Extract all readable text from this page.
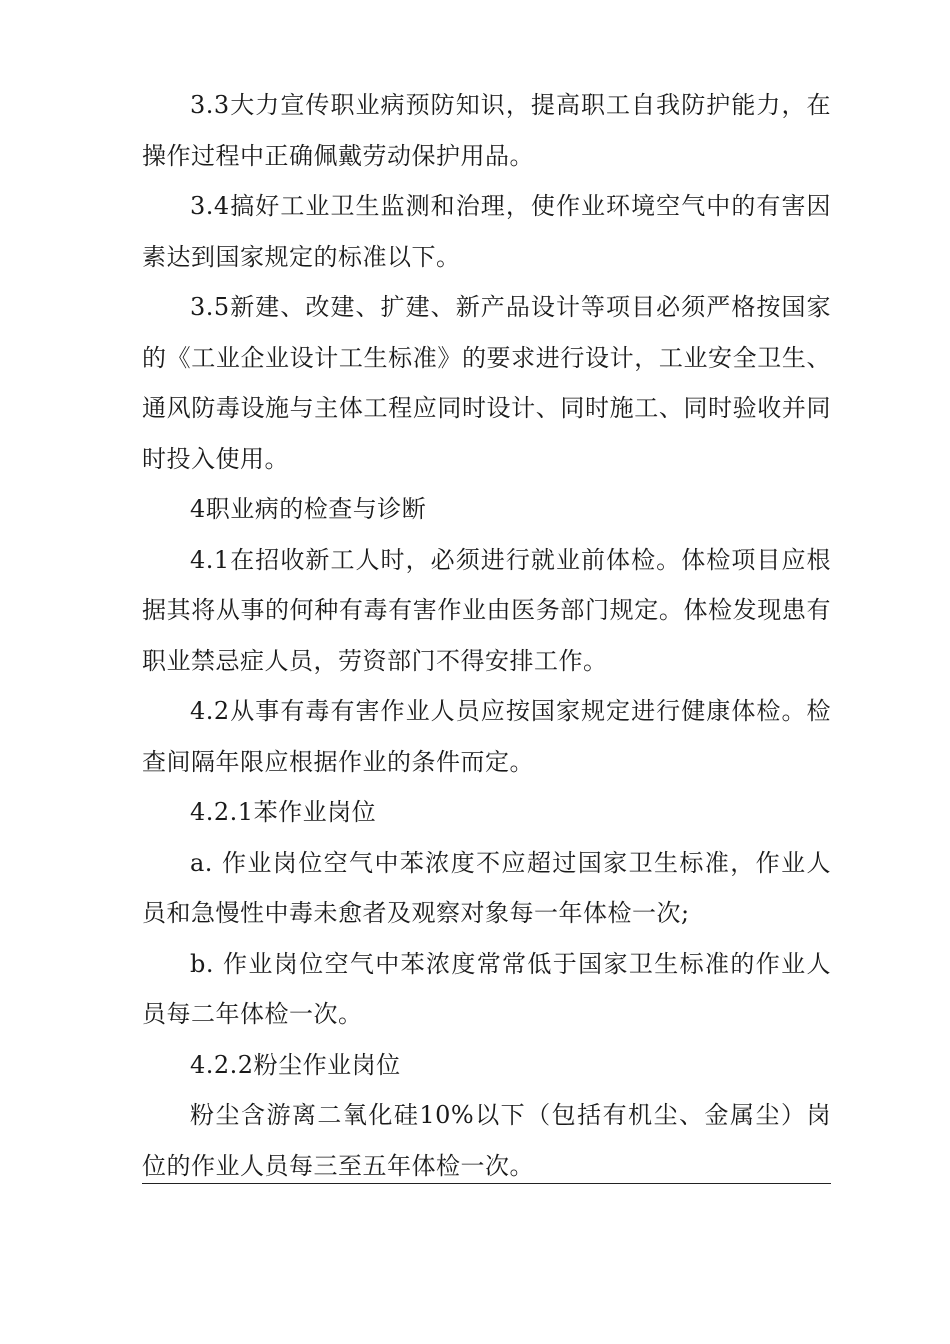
3.3大力宣传职业病预防知识，提高职工自我防护能力，在操作过程中正确佩戴劳动保护用品。

3.4搞好工业卫生监测和治理，使作业环境空气中的有害因素达到国家规定的标准以下。

3.5新建、改建、扩建、新产品设计等项目必须严格按国家的《工业企业设计工生标准》的要求进行设计，工业安全卫生、通风防毒设施与主体工程应同时设计、同时施工、同时验收并同时投入使用。

4职业病的检查与诊断

4.1在招收新工人时，必须进行就业前体检。体检项目应根据其将从事的何种有毒有害作业由医务部门规定。体检发现患有职业禁忌症人员，劳资部门不得安排工作。

4.2从事有毒有害作业人员应按国家规定进行健康体检。检查间隔年限应根据作业的条件而定。

4.2.1苯作业岗位

a. 作业岗位空气中苯浓度不应超过国家卫生标准，作业人员和急慢性中毒未愈者及观察对象每一年体检一次;

b. 作业岗位空气中苯浓度常常低于国家卫生标准的作业人员每二年体检一次。

4.2.2粉尘作业岗位

粉尘含游离二氧化硅10%以下（包括有机尘、金属尘）岗位的作业人员每三至五年体检一次。
